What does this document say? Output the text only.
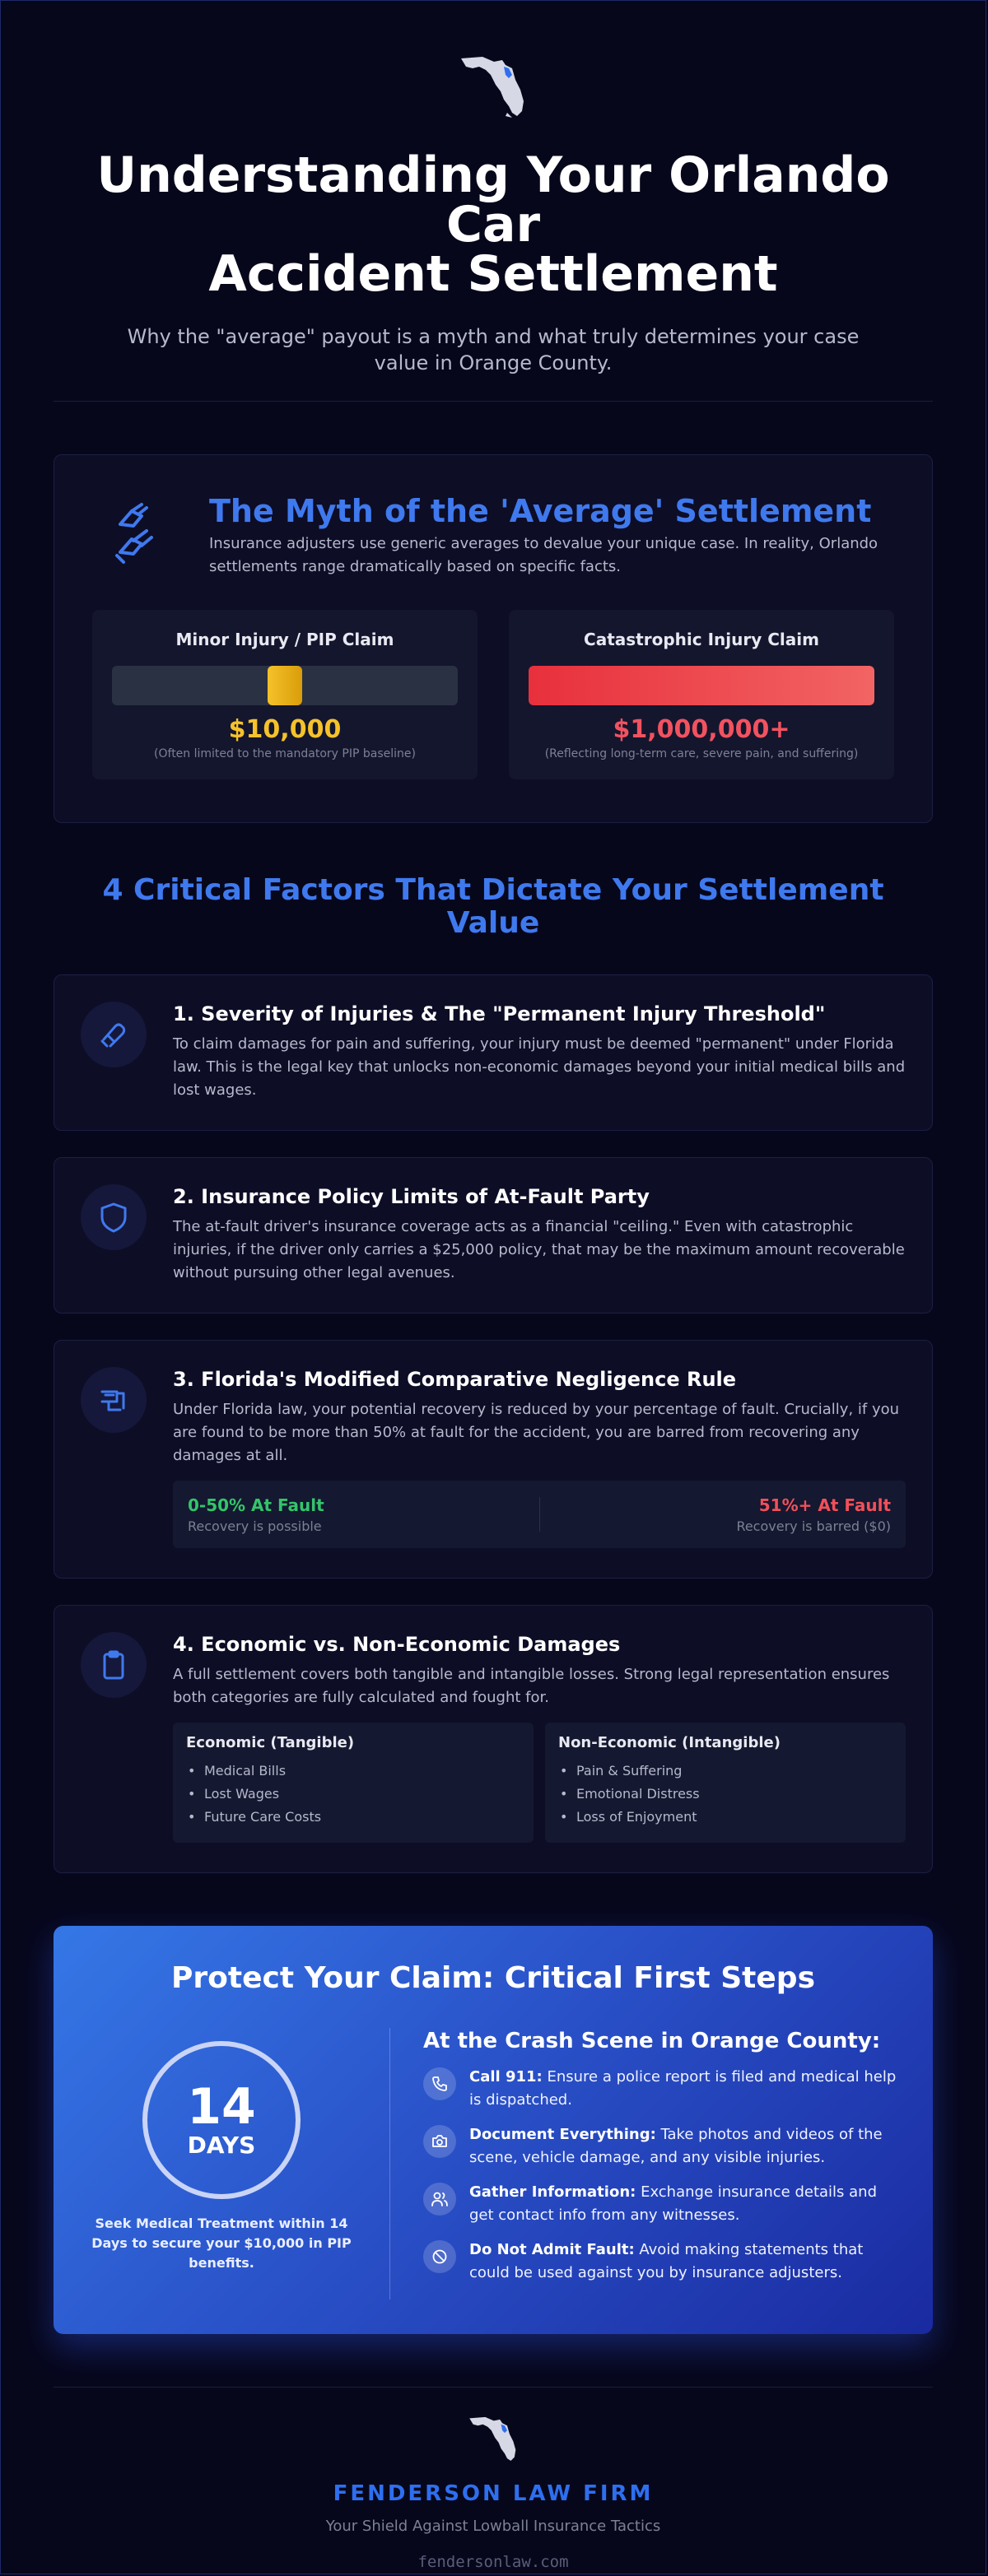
Understanding Your Orlando Car
Accident Settlement
Why the "average" payout is a myth and what truly determines your case value in Orange County.
The Myth of the 'Average' Settlement
Insurance adjusters use generic averages to devalue your unique case. In reality, Orlando settlements range dramatically based on specific facts.
Minor Injury / PIP Claim
$10,000
(Often limited to the mandatory PIP baseline)
Catastrophic Injury Claim
$1,000,000+
(Reflecting long-term care, severe pain, and suffering)
4 Critical Factors That Dictate Your Settlement Value
1. Severity of Injuries & The "Permanent Injury Threshold"
To claim damages for pain and suffering, your injury must be deemed "permanent" under Florida law. This is the legal key that unlocks non-economic damages beyond your initial medical bills and lost wages.
2. Insurance Policy Limits of At-Fault Party
The at-fault driver's insurance coverage acts as a financial "ceiling." Even with catastrophic injuries, if the driver only carries a $25,000 policy, that may be the maximum amount recoverable without pursuing other legal avenues.
3. Florida's Modified Comparative Negligence Rule
Under Florida law, your potential recovery is reduced by your percentage of fault. Crucially, if you are found to be more than 50% at fault for the accident, you are barred from recovering any damages at all.
0-50% At Fault
Recovery is possible
51%+ At Fault
Recovery is barred ($0)
4. Economic vs. Non-Economic Damages
A full settlement covers both tangible and intangible losses. Strong legal representation ensures both categories are fully calculated and fought for.
Economic (Tangible)
• Medical Bills
• Lost Wages
• Future Care Costs
Non-Economic (Intangible)
• Pain & Suffering
• Emotional Distress
• Loss of Enjoyment
Protect Your Claim: Critical First Steps
14
DAYS
Seek Medical Treatment within 14 Days to secure your $10,000 in PIP benefits.
At the Crash Scene in Orange County:
Call 911: Ensure a police report is filed and medical help is dispatched.
Document Everything: Take photos and videos of the scene, vehicle damage, and any visible injuries.
Gather Information: Exchange insurance details and get contact info from any witnesses.
Do Not Admit Fault: Avoid making statements that could be used against you by insurance adjusters.
FENDERSON LAW FIRM
Your Shield Against Lowball Insurance Tactics
fendersonlaw.com
